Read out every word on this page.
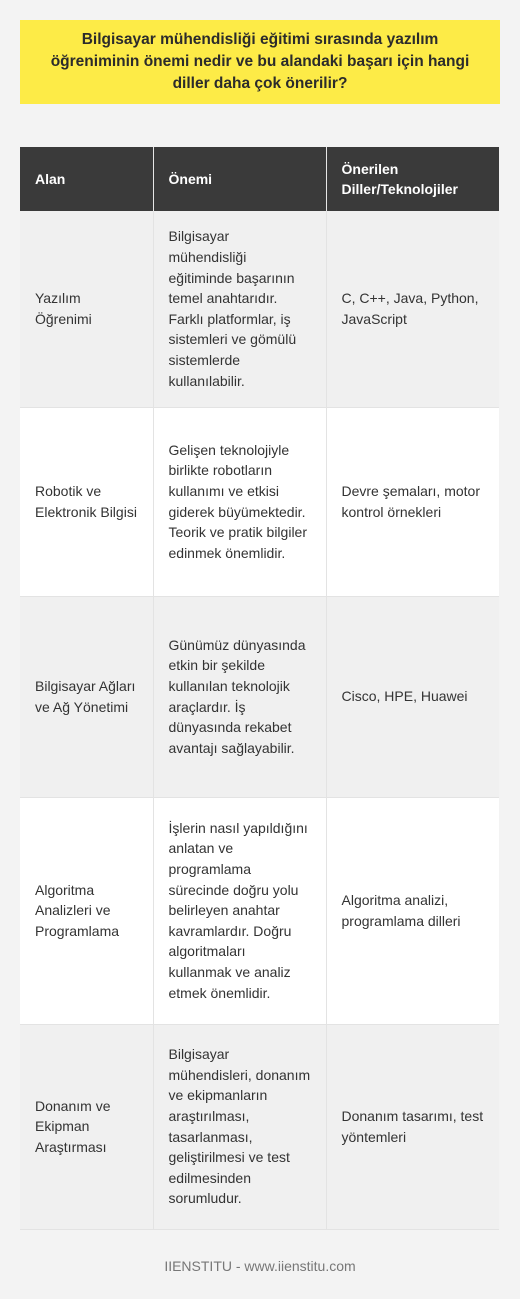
Bilgisayar mühendisliği eğitimi sırasında yazılım öğreniminin önemi nedir ve bu alandaki başarı için hangi diller daha çok önerilir?
Alan	Önemi	Önerilen Diller/Teknolojiler
Yazılım Öğrenimi	Bilgisayar mühendisliği eğitiminde başarının temel anahtarıdır. Farklı platformlar, iş sistemleri ve gömülü sistemlerde kullanılabilir.	C, C++, Java, Python, JavaScript
Robotik ve Elektronik Bilgisi	Gelişen teknolojiyle birlikte robotların kullanımı ve etkisi giderek büyümektedir. Teorik ve pratik bilgiler edinmek önemlidir.	Devre şemaları, motor kontrol örnekleri
Bilgisayar Ağları ve Ağ Yönetimi	Günümüz dünyasında etkin bir şekilde kullanılan teknolojik araçlardır. İş dünyasında rekabet avantajı sağlayabilir.	Cisco, HPE, Huawei
Algoritma Analizleri ve Programlama	İşlerin nasıl yapıldığını anlatan ve programlama sürecinde doğru yolu belirleyen anahtar kavramlardır. Doğru algoritmaları kullanmak ve analiz etmek önemlidir.	Algoritma analizi, programlama dilleri
Donanım ve Ekipman Araştırması	Bilgisayar mühendisleri, donanım ve ekipmanların araştırılması, tasarlanması, geliştirilmesi ve test edilmesinden sorumludur.	Donanım tasarımı, test yöntemleri
IIENSTITU - www.iienstitu.com
